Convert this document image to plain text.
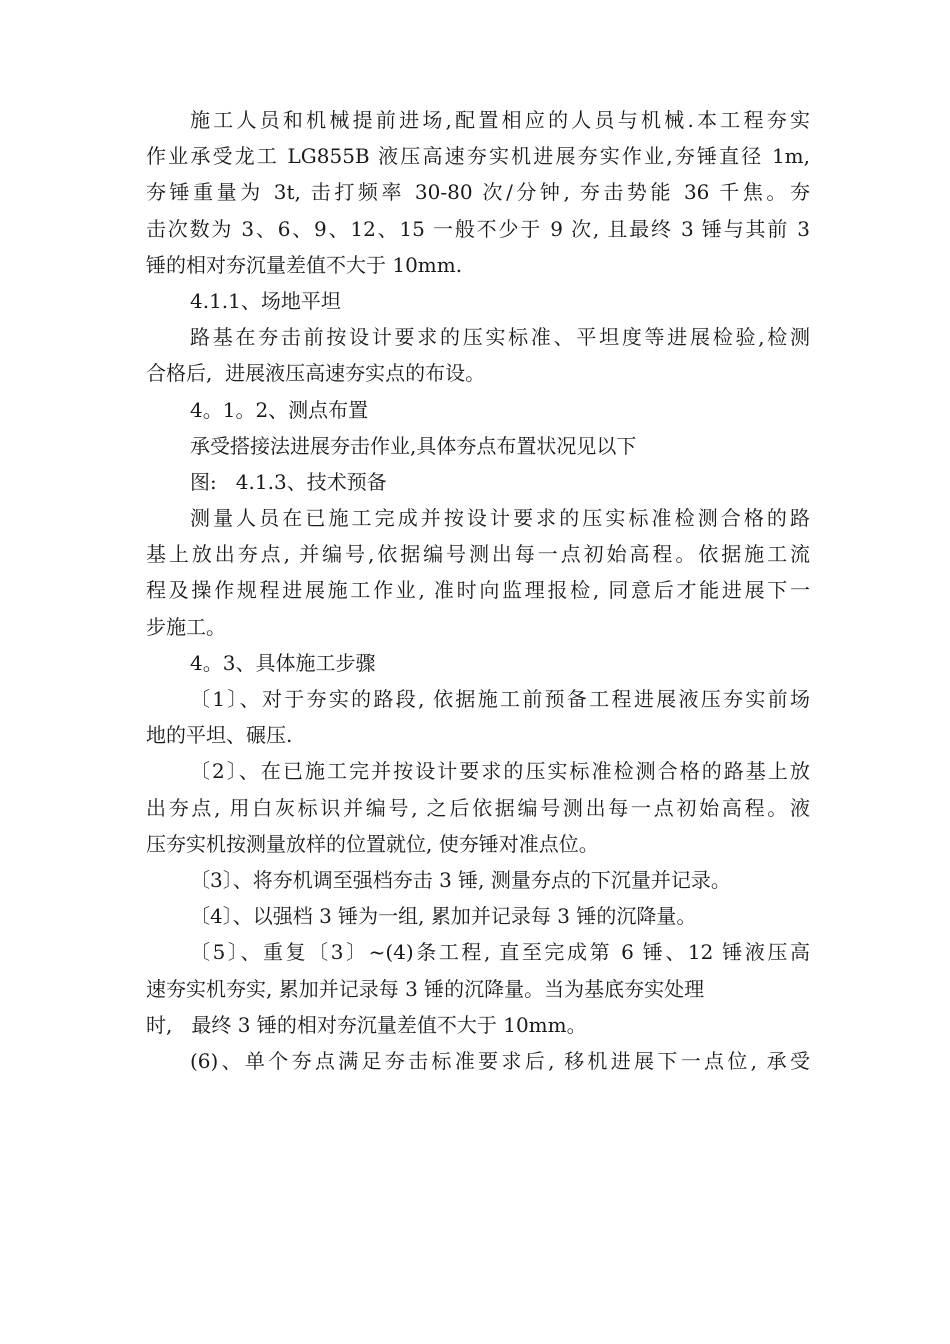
施工人员和机械提前进场,配置相应的人员与机械.本工程夯实
作业承受龙工 LG855B 液压高速夯实机进展夯实作业,夯锤直径 1m,
夯锤重量为 3t, 击打频率 30-80 次/分钟, 夯击势能 36 千焦。夯
击次数为 3、6、9、12、15 一般不少于 9 次, 且最终 3 锤与其前 3
锤的相对夯沉量差值不大于 10mm.
4.1.1、场地平坦
路基在夯击前按设计要求的压实标准、平坦度等进展检验,检测
合格后,  进展液压高速夯实点的布设。
4。1。2、测点布置
承受搭接法进展夯击作业,具体夯点布置状况见以下
图:   4.1.3、技术预备
测量人员在已施工完成并按设计要求的压实标准检测合格的路
基上放出夯点, 并编号,依据编号测出每一点初始高程。依据施工流
程及操作规程进展施工作业, 准时向监理报检, 同意后才能进展下一
步施工。
4。3、具体施工步骤
〔1〕、对于夯实的路段, 依据施工前预备工程进展液压夯实前场
地的平坦、碾压.
〔2〕、在已施工完并按设计要求的压实标准检测合格的路基上放
出夯点, 用白灰标识并编号, 之后依据编号测出每一点初始高程。液
压夯实机按测量放样的位置就位, 使夯锤对准点位。
〔3〕、将夯机调至强档夯击 3 锤, 测量夯点的下沉量并记录。
〔4〕、以强档 3 锤为一组, 累加并记录每 3 锤的沉降量。
〔5〕、重复〔3〕~(4)条工程, 直至完成第 6 锤、12 锤液压高
速夯实机夯实, 累加并记录每 3 锤的沉降量。当为基底夯实处理
时,   最终 3 锤的相对夯沉量差值不大于 10mm。
(6)、单个夯点满足夯击标准要求后, 移机进展下一点位, 承受
